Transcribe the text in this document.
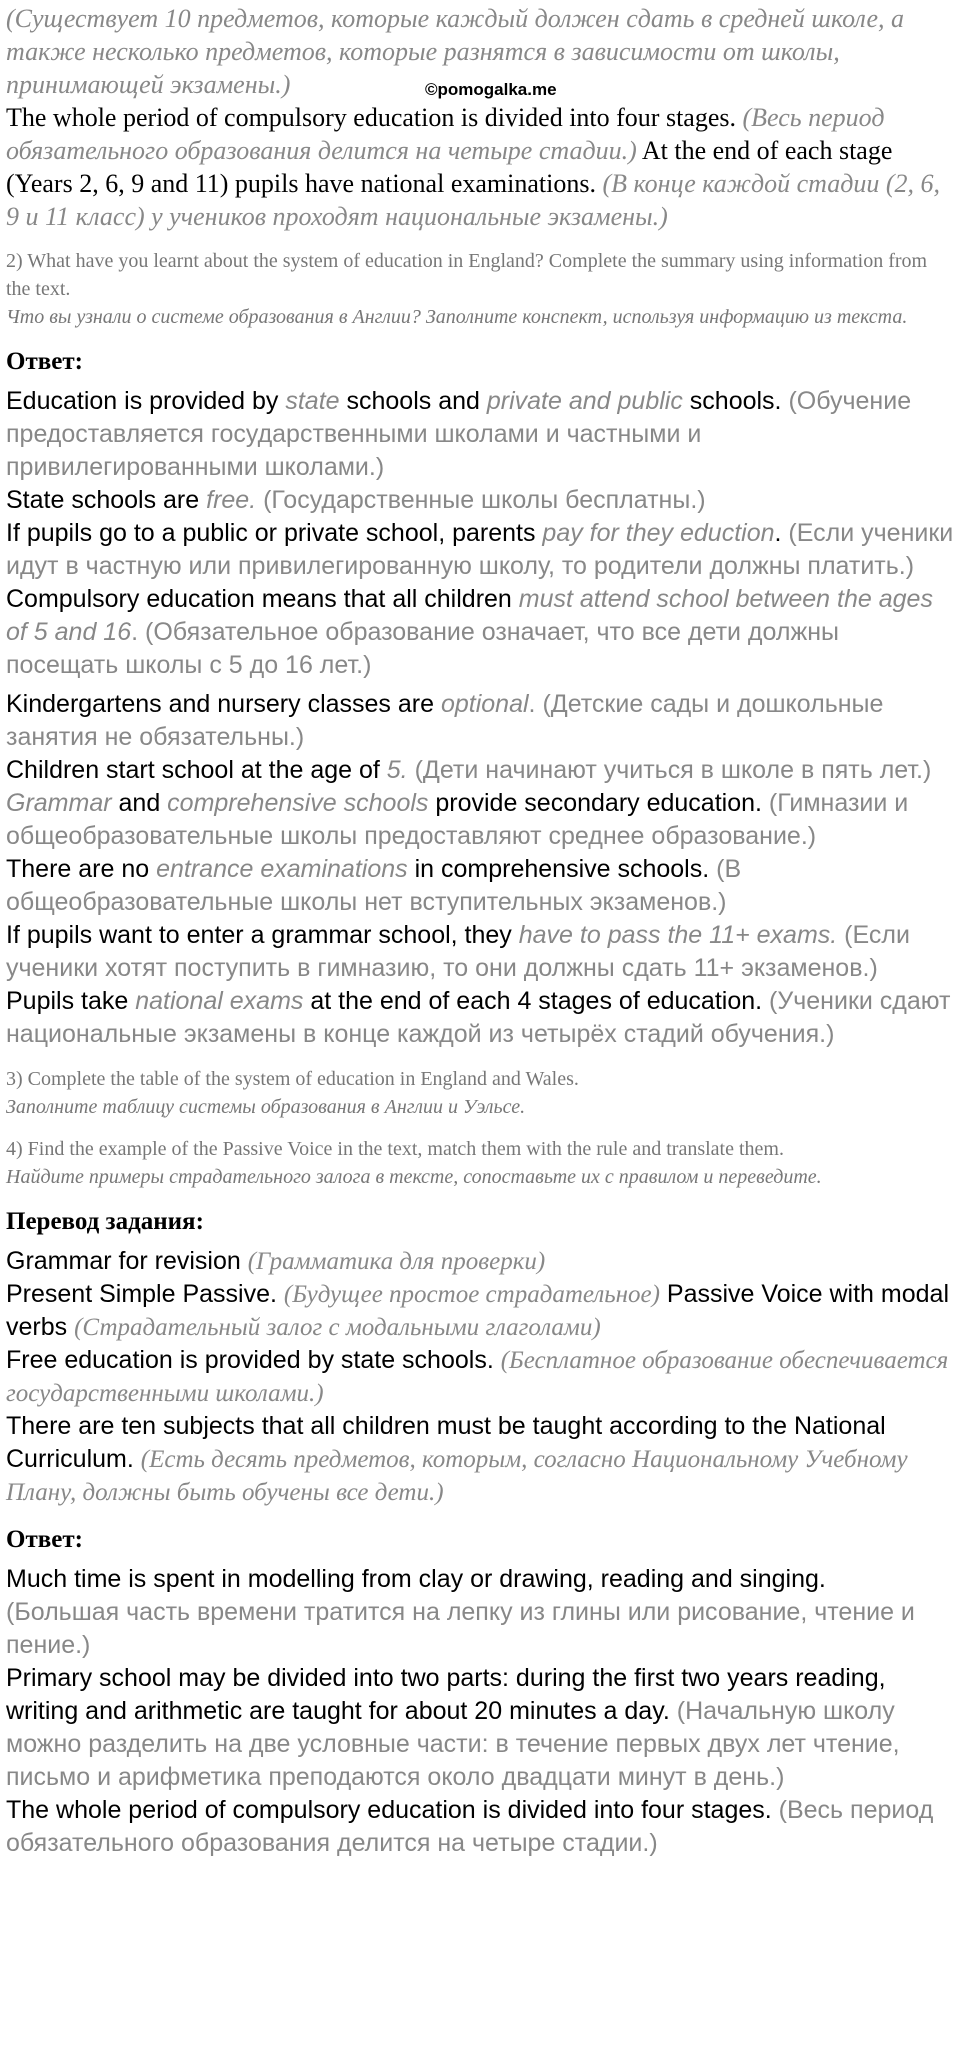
©pomogalka.me

(Существует 10 предметов, которые каждый должен сдать в средней школе, а также несколько предметов, которые разнятся в зависимости от школы, принимающей экзамены.)

The whole period of compulsory education is divided into four stages. (Весь период обязательного образования делится на четыре стадии.) At the end of each stage (Years 2, 6, 9 and 11) pupils have national examinations. (В конце каждой стадии (2, 6, 9 и 11 класс) у учеников проходят национальные экзамены.)

2) What have you learnt about the system of education in England? Complete the summary using information from the text.

Что вы узнали о системе образования в Англии? Заполните конспект, используя информацию из текста.

Ответ:

Education is provided by state schools and private and public schools. (Обучение предоставляется государственными школами и частными и привилегированными школами.)

State schools are free. (Государственные школы бесплатны.)

If pupils go to a public or private school, parents pay for they eduction. (Если ученики идут в частную или привилегированную школу, то родители должны платить.)

Compulsory education means that all children must attend school between the ages of 5 and 16. (Обязательное образование означает, что все дети должны посещать школы с 5 до 16 лет.)

Kindergartens and nursery classes are optional. (Детские сады и дошкольные занятия не обязательны.)

Children start school at the age of 5. (Дети начинают учиться в школе в пять лет.)

Grammar and comprehensive schools provide secondary education. (Гимназии и общеобразовательные школы предоставляют среднее образование.)

There are no entrance examinations in comprehensive schools. (В общеобразовательные школы нет вступительных экзаменов.)

If pupils want to enter a grammar school, they have to pass the 11+ exams. (Если ученики хотят поступить в гимназию, то они должны сдать 11+ экзаменов.)

Pupils take national exams at the end of each 4 stages of education. (Ученики сдают национальные экзамены в конце каждой из четырёх стадий обучения.)

3) Complete the table of the system of education in England and Wales.

Заполните таблицу системы образования в Англии и Уэльсе.

4) Find the example of the Passive Voice in the text, match them with the rule and translate them.

Найдите примеры страдательного залога в тексте, сопоставьте их с правилом и переведите.

Перевод задания:

Grammar for revision (Грамматика для проверки)

Present Simple Passive. (Будущее простое страдательное) Passive Voice with modal verbs (Страдательный залог с модальными глаголами)

Free education is provided by state schools. (Бесплатное образование обеспечивается государственными школами.)

There are ten subjects that all children must be taught according to the National Curriculum. (Есть десять предметов, которым, согласно Национальному Учебному Плану, должны быть обучены все дети.)

Ответ:

Much time is spent in modelling from clay or drawing, reading and singing.
(Большая часть времени тратится на лепку из глины или рисование, чтение и пение.)

Primary school may be divided into two parts: during the first two years reading, writing and arithmetic are taught for about 20 minutes a day. (Начальную школу можно разделить на две условные части: в течение первых двух лет чтение, письмо и арифметика преподаются около двадцати минут в день.)

The whole period of compulsory education is divided into four stages. (Весь период обязательного образования делится на четыре стадии.)
